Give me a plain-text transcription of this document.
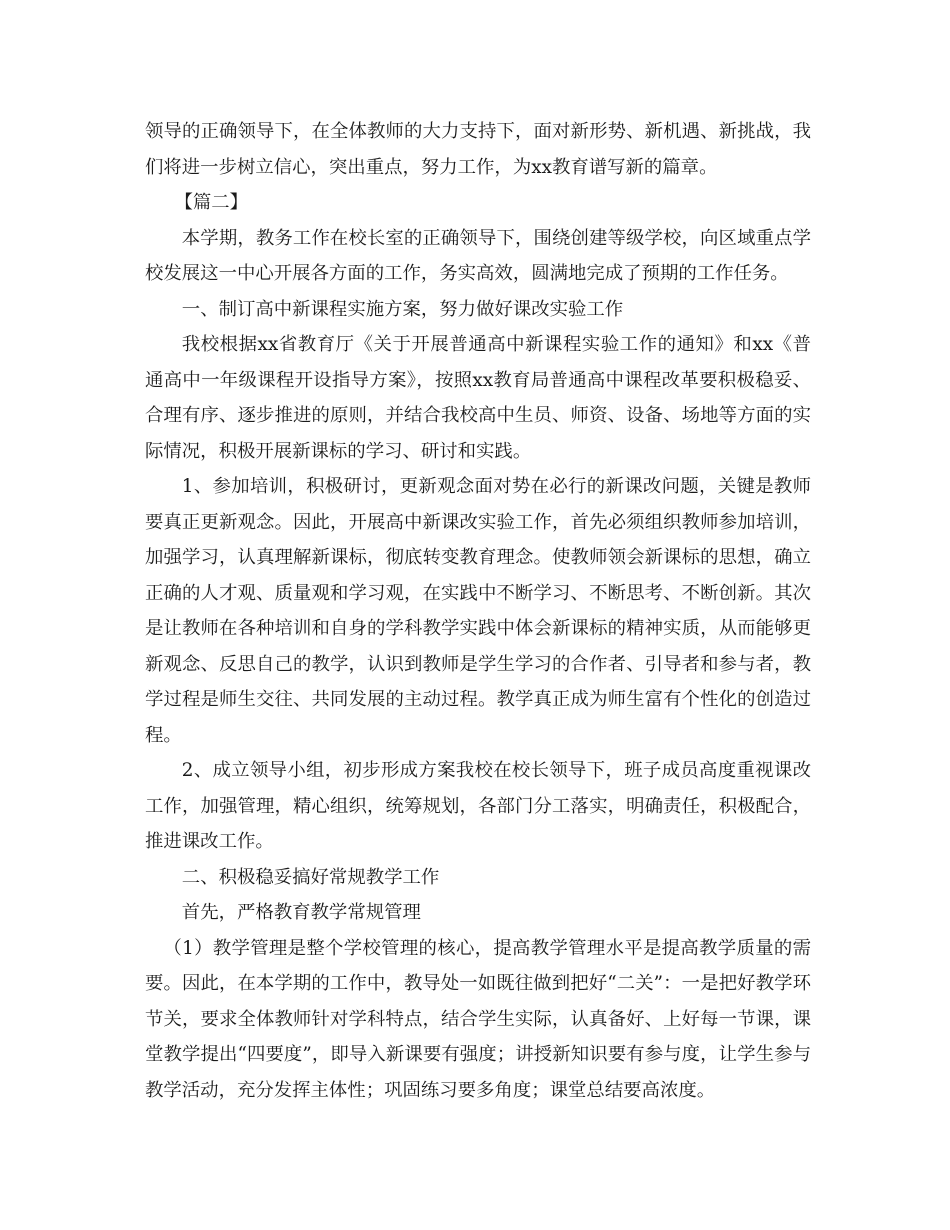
领导的正确领导下，在全体教师的大力支持下，面对新形势、新机遇、新挑战，我们将进一步树立信心，突出重点，努力工作，为xx教育谱写新的篇章。

【篇二】

本学期，教务工作在校长室的正确领导下，围绕创建等级学校，向区域重点学校发展这一中心开展各方面的工作，务实高效，圆满地完成了预期的工作任务。

一、制订高中新课程实施方案，努力做好课改实验工作

我校根据xx省教育厅《关于开展普通高中新课程实验工作的通知》和xx《普通高中一年级课程开设指导方案》，按照xx教育局普通高中课程改革要积极稳妥、合理有序、逐步推进的原则，并结合我校高中生员、师资、设备、场地等方面的实际情况，积极开展新课标的学习、研讨和实践。

1、参加培训，积极研讨，更新观念面对势在必行的新课改问题，关键是教师要真正更新观念。因此，开展高中新课改实验工作，首先必须组织教师参加培训，加强学习，认真理解新课标，彻底转变教育理念。使教师领会新课标的思想，确立正确的人才观、质量观和学习观，在实践中不断学习、不断思考、不断创新。其次是让教师在各种培训和自身的学科教学实践中体会新课标的精神实质，从而能够更新观念、反思自己的教学，认识到教师是学生学习的合作者、引导者和参与者，教学过程是师生交往、共同发展的主动过程。教学真正成为师生富有个性化的创造过程。

2、成立领导小组，初步形成方案我校在校长领导下，班子成员高度重视课改工作，加强管理，精心组织，统筹规划，各部门分工落实，明确责任，积极配合，推进课改工作。

二、积极稳妥搞好常规教学工作

首先，严格教育教学常规管理

（1）教学管理是整个学校管理的核心，提高教学管理水平是提高教学质量的需要。因此，在本学期的工作中，教导处一如既往做到把好“二关”：一是把好教学环节关，要求全体教师针对学科特点，结合学生实际，认真备好、上好每一节课，课堂教学提出“四要度”，即导入新课要有强度；讲授新知识要有参与度，让学生参与教学活动，充分发挥主体性；巩固练习要多角度；课堂总结要高浓度。
